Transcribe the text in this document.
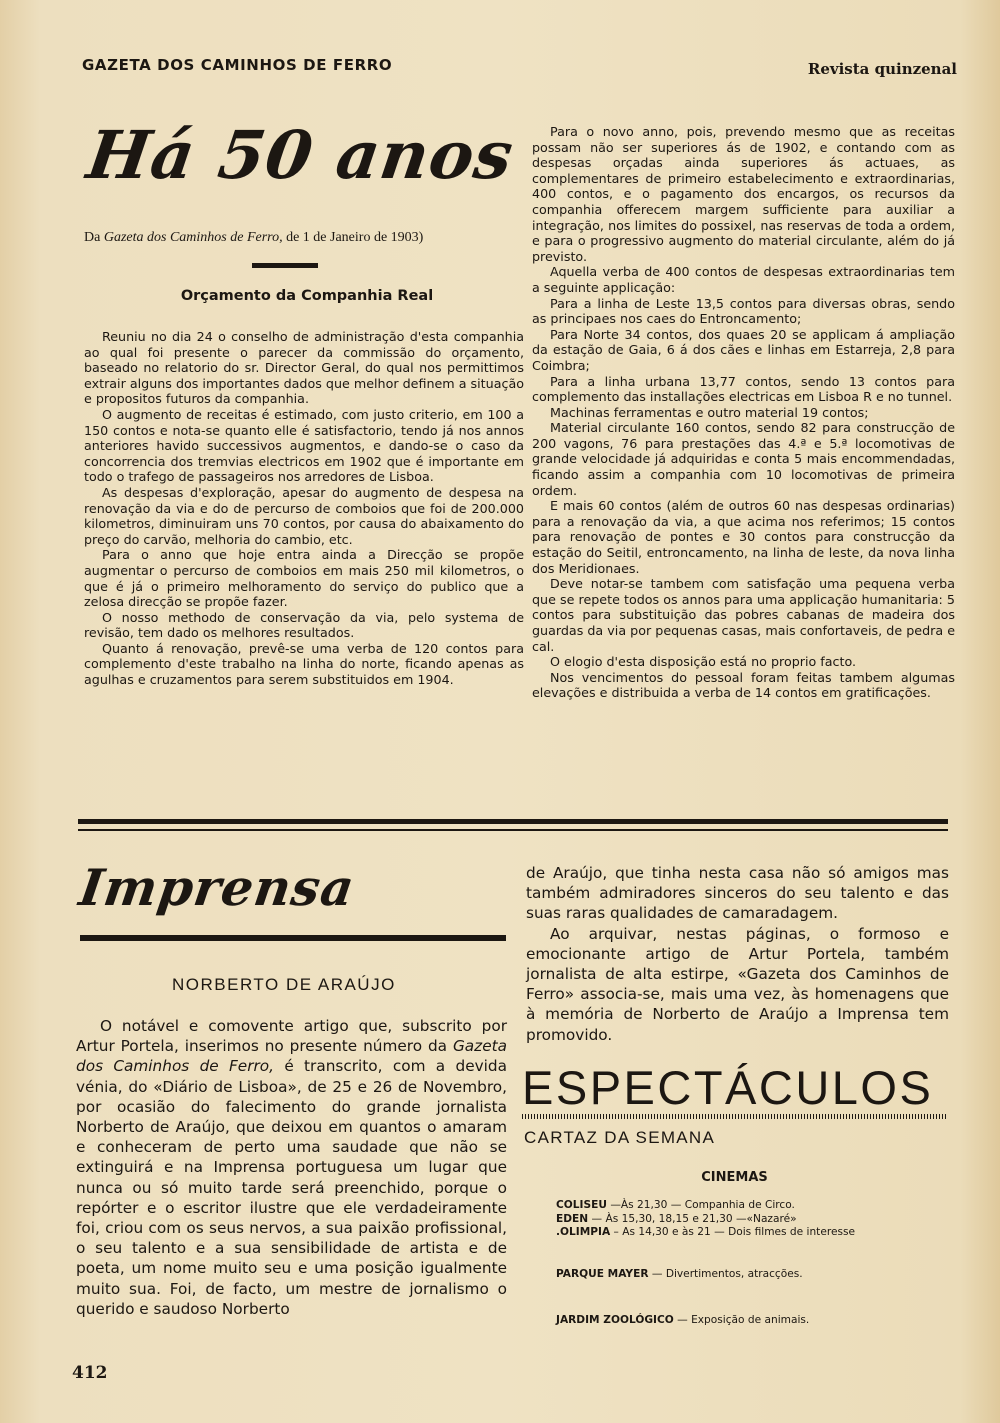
GAZETA DOS CAMINHOS DE FERRO	Revista quinzenal
Há 50 anos
Da Gazeta dos Caminhos de Ferro, de 1 de Janeiro de 1903)
Orçamento da Companhia Real

Reuniu no dia 24 o conselho de administração d'esta companhia ao qual foi presente o parecer da commissão do orçamento, baseado no relatorio do sr. Director Geral, do qual nos permittimos extrair alguns dos importantes dados que melhor definem a situação e propositos futuros da companhia.

O augmento de receitas é estimado, com justo criterio, em 100 a 150 contos e nota-se quanto elle é satisfactorio, tendo já nos annos anteriores havido successivos augmentos, e dando-se o caso da concorrencia dos tremvias electricos em 1902 que é importante em todo o trafego de passageiros nos arredores de Lisboa.

As despesas d'exploração, apesar do augmento de despesa na renovação da via e do de percurso de comboios que foi de 200.000 kilometros, diminuiram uns 70 contos, por causa do abaixamento do preço do carvão, melhoria do cambio, etc.

Para o anno que hoje entra ainda a Direcção se propõe augmentar o percurso de comboios em mais 250 mil kilometros, o que é já o primeiro melhoramento do serviço do publico que a zelosa direcção se propõe fazer.

O nosso methodo de conservação da via, pelo systema de revisão, tem dado os melhores resultados.

Quanto á renovação, prevê-se uma verba de 120 contos para complemento d'este trabalho na linha do norte, ficando apenas as agulhas e cruzamentos para serem substituidos em 1904.

Para o novo anno, pois, prevendo mesmo que as receitas possam não ser superiores ás de 1902, e contando com as despesas orçadas ainda superiores ás actuaes, as complementares de primeiro estabelecimento e extraordinarias, 400 contos, e o pagamento dos encargos, os recursos da companhia offerecem margem sufficiente para auxiliar a integração, nos limites do possixel, nas reservas de toda a ordem, e para o progressivo augmento do material circulante, além do já previsto.

Aquella verba de 400 contos de despesas extraordinarias tem a seguinte applicação:

Para a linha de Leste 13,5 contos para diversas obras, sendo as principaes nos caes do Entroncamento;

Para Norte 34 contos, dos quaes 20 se applicam á ampliação da estação de Gaia, 6 á dos cães e linhas em Estarreja, 2,8 para Coimbra;

Para a linha urbana 13,77 contos, sendo 13 contos para complemento das installações electricas em Lisboa R e no tunnel.

Machinas ferramentas e outro material 19 contos;

Material circulante 160 contos, sendo 82 para construcção de 200 vagons, 76 para prestações das 4.ª e 5.ª locomotivas de grande velocidade já adquiridas e conta 5 mais encommendadas, ficando assim a companhia com 10 locomotivas de primeira ordem.

E mais 60 contos (além de outros 60 nas despesas ordinarias) para a renovação da via, a que acima nos referimos; 15 contos para renovação de pontes e 30 contos para construcção da estação do Seitil, entroncamento, na linha de leste, da nova linha dos Meridionaes.

Deve notar-se tambem com satisfação uma pequena verba que se repete todos os annos para uma applicação humanitaria: 5 contos para substituição das pobres cabanas de madeira dos guardas da via por pequenas casas, mais confortaveis, de pedra e cal.

O elogio d'esta disposição está no proprio facto.

Nos vencimentos do pessoal foram feitas tambem algumas elevações e distribuida a verba de 14 contos em gratificações.

Imprensa
NORBERTO DE ARAÚJO

O notável e comovente artigo que, subscrito por Artur Portela, inserimos no presente número da Gazeta dos Caminhos de Ferro, é transcrito, com a devida vénia, do «Diário de Lisboa», de 25 e 26 de Novembro, por ocasião do falecimento do grande jornalista Norberto de Araújo, que deixou em quantos o amaram e conheceram de perto uma saudade que não se extinguirá e na Imprensa portuguesa um lugar que nunca ou só muito tarde será preenchido, porque o repórter e o escritor ilustre que ele verdadeiramente foi, criou com os seus nervos, a sua paixão profissional, o seu talento e a sua sensibilidade de artista e de poeta, um nome muito seu e uma posição igualmente muito sua. Foi, de facto, um mestre de jornalismo o querido e saudoso Norberto

de Araújo, que tinha nesta casa não só amigos mas também admiradores sinceros do seu talento e das suas raras qualidades de camaradagem.

Ao arquivar, nestas páginas, o formoso e emocionante artigo de Artur Portela, também jornalista de alta estirpe, «Gazeta dos Caminhos de Ferro» associa-se, mais uma vez, às homenagens que à memória de Norberto de Araújo a Imprensa tem promovido.

ESPECTÁCULOS
CARTAZ DA SEMANA
CINEMAS
COLISEU —Às 21,30 — Companhia de Circo.
EDEN — Às 15,30, 18,15 e 21,30 —«Nazaré»
.OLIMPIA – As 14,30 e às 21 — Dois filmes de interesse
PARQUE MAYER — Divertimentos, atracções.
JARDIM ZOOLÓGICO — Exposição de animais.
412
